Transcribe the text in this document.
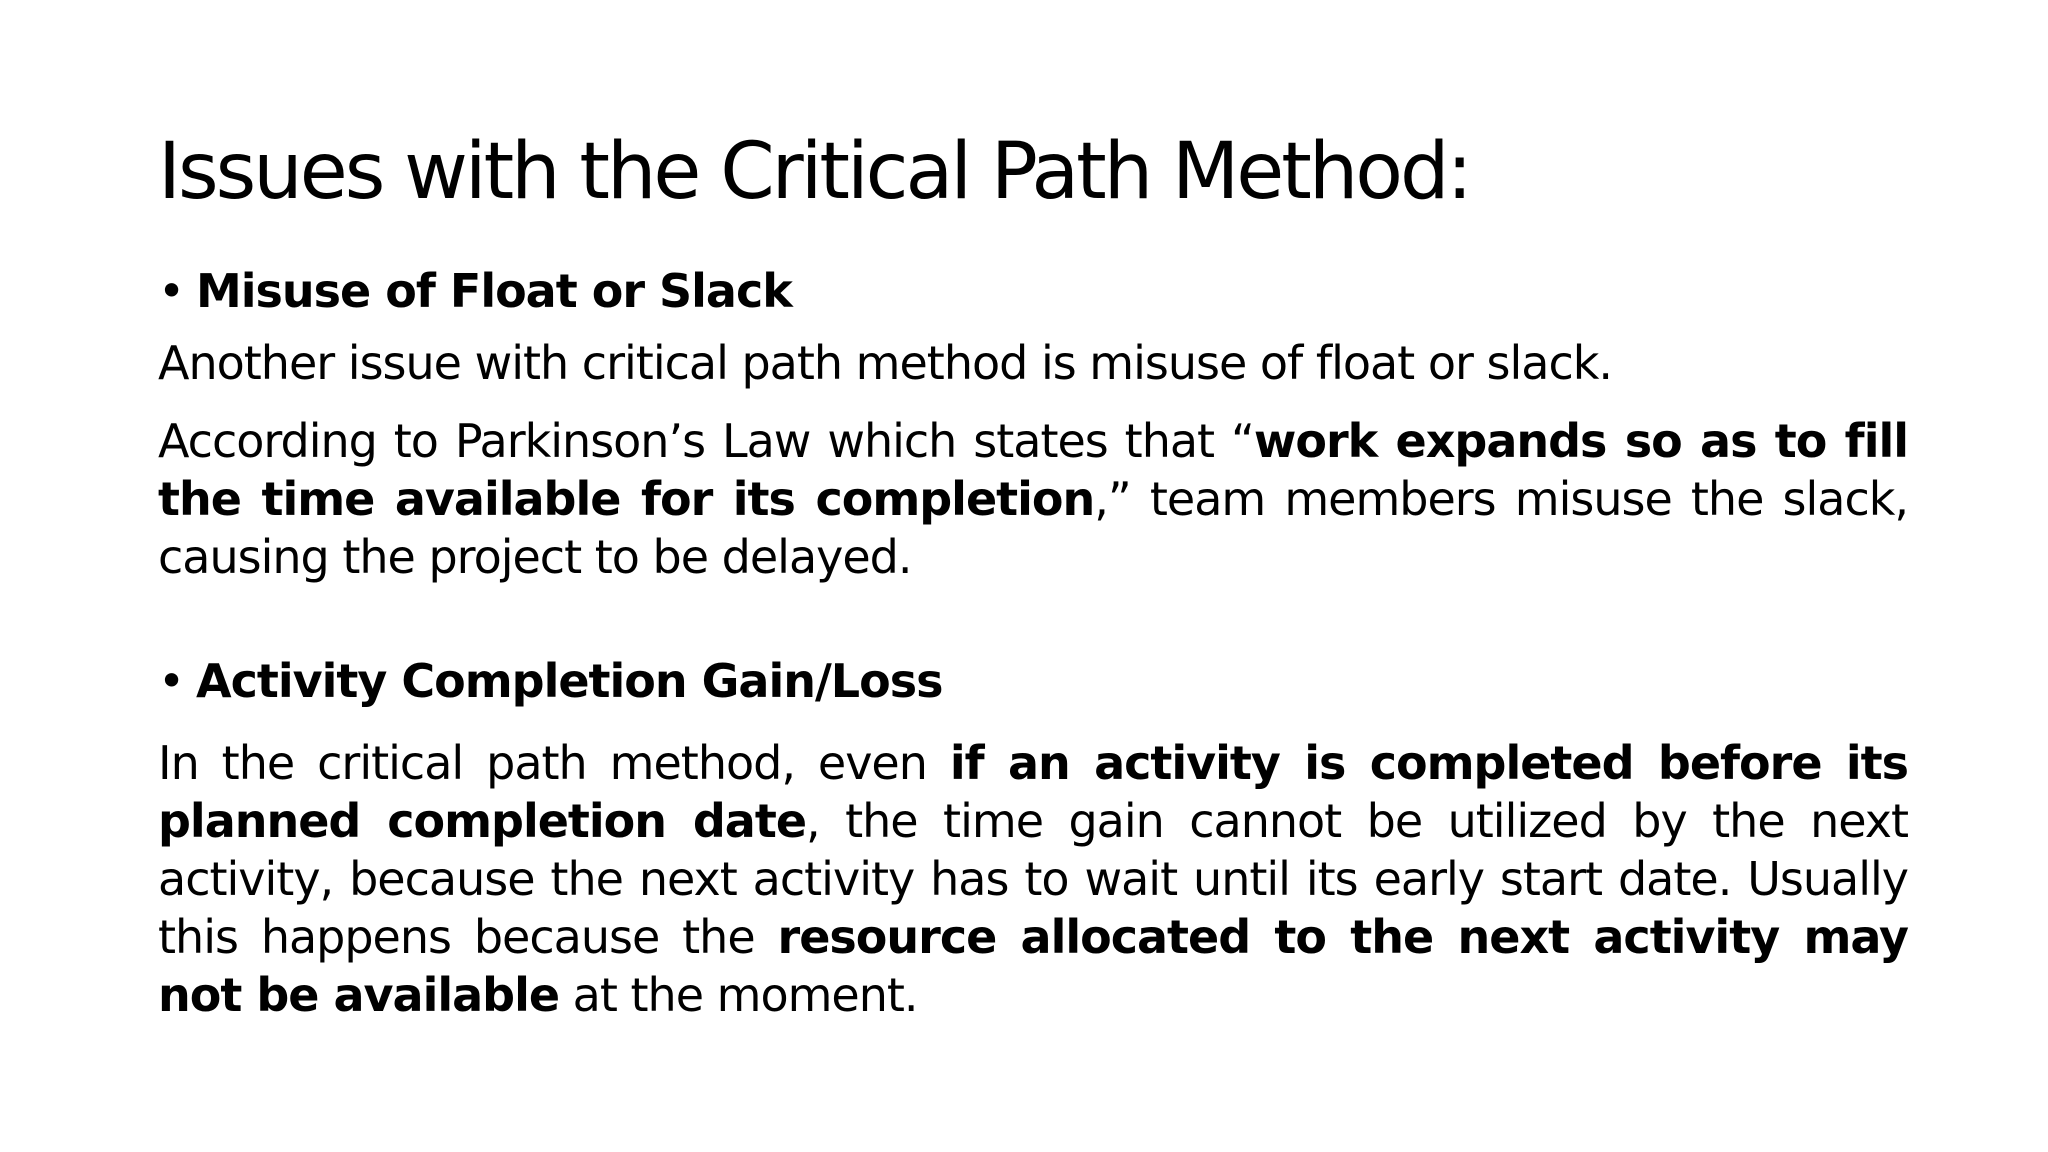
Issues with the Critical Path Method:
• Misuse of Float or Slack

Another issue with critical path method is misuse of float or slack.

According to Parkinson’s Law which states that “work expands so as to fill the time available for its completion,” team members misuse the slack, causing the project to be delayed.

• Activity Completion Gain/Loss

In the critical path method, even if an activity is completed before its planned completion date, the time gain cannot be utilized by the next activity, because the next activity has to wait until its early start date. Usually this happens because the resource allocated to the next activity may not be available at the moment.
